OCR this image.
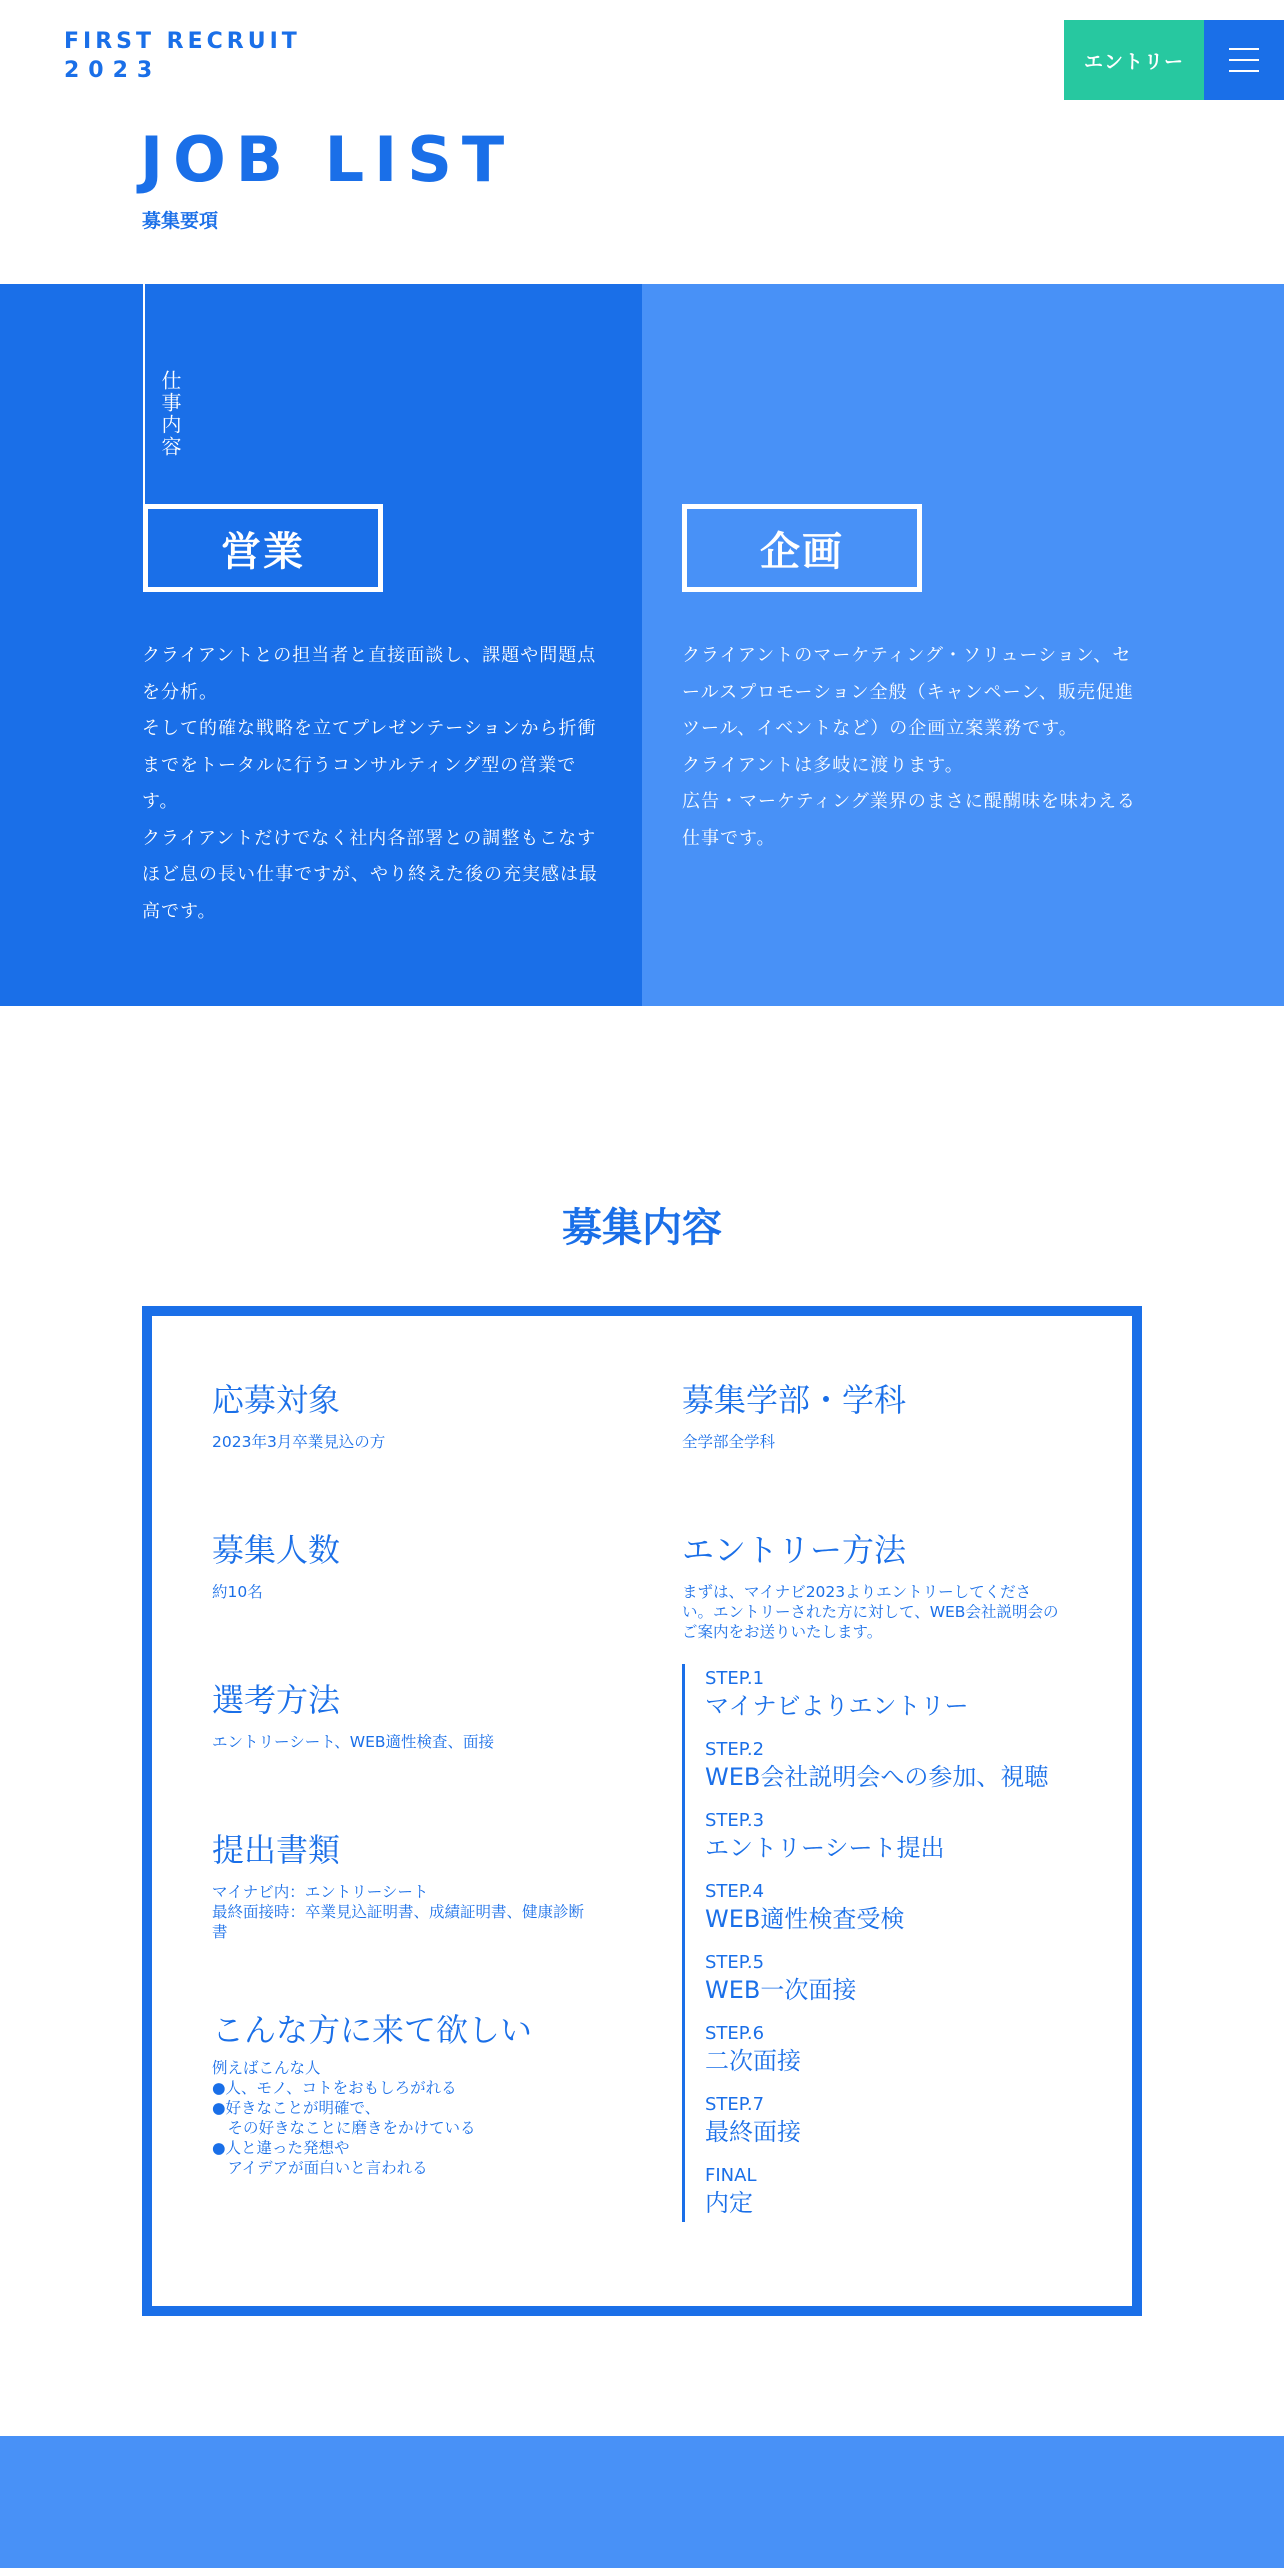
FIRST RECRUIT
2023	エントリー
JOB LIST
募集要項
仕事内容
営業

クライアントとの担当者と直接面談し、課題や問題点

を分析。

そして的確な戦略を立てプレゼンテーションから折衝

までをトータルに行うコンサルティング型の営業で

す。

クライアントだけでなく社内各部署との調整もこなす

ほど息の長い仕事ですが、やり終えた後の充実感は最

高です。

企画

クライアントのマーケティング・ソリューション、セ

ールスプロモーション全般（キャンペーン、販売促進

ツール、イベントなど）の企画立案業務です。

クライアントは多岐に渡ります。

広告・マーケティング業界のまさに醍醐味を味わえる

仕事です。

募集内容
応募対象
2023年3月卒業見込の方
募集学部・学科
全学部全学科
募集人数
約10名
エントリー方法
まずは、マイナビ2023よりエントリーしてくださ
い。エントリーされた方に対して、WEB会社説明会の
ご案内をお送りいたします。
選考方法
エントリーシート、WEB適性検査、面接
提出書類
マイナビ内：エントリーシート
最終面接時：卒業見込証明書、成績証明書、健康診断
書
こんな方に来て欲しい
例えばこんな人
●人、モノ、コトをおもしろがれる
●好きなことが明確で、
　その好きなことに磨きをかけている
●人と違った発想や
　アイデアが面白いと言われる
STEP.1
マイナビよりエントリー
STEP.2
WEB会社説明会への参加、視聴
STEP.3
エントリーシート提出
STEP.4
WEB適性検査受検
STEP.5
WEB一次面接
STEP.6
二次面接
STEP.7
最終面接
FINAL
内定
